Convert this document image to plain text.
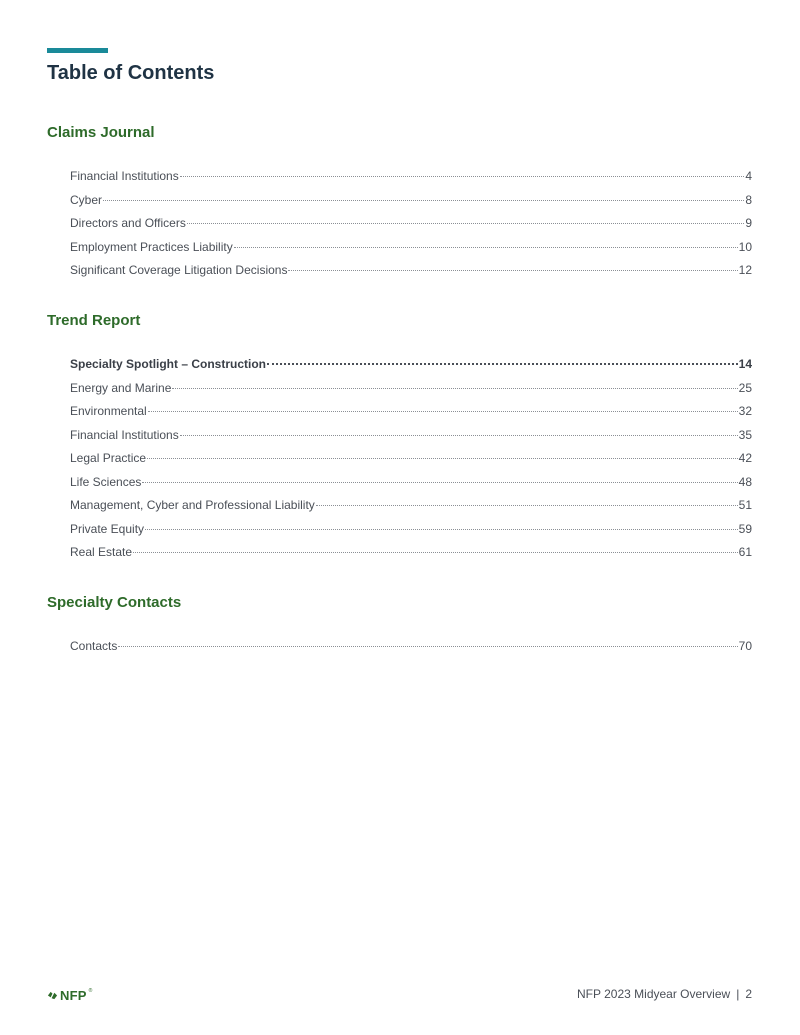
Table of Contents
Claims Journal
Financial Institutions	4
Cyber	8
Directors and Officers	9
Employment Practices Liability	10
Significant Coverage Litigation Decisions	12
Trend Report
Specialty Spotlight – Construction	14
Energy and Marine	25
Environmental	32
Financial Institutions	35
Legal Practice	42
Life Sciences	48
Management, Cyber and Professional Liability	51
Private Equity	59
Real Estate	61
Specialty Contacts
Contacts	70
NFP ®	NFP 2023 Midyear Overview | 2
